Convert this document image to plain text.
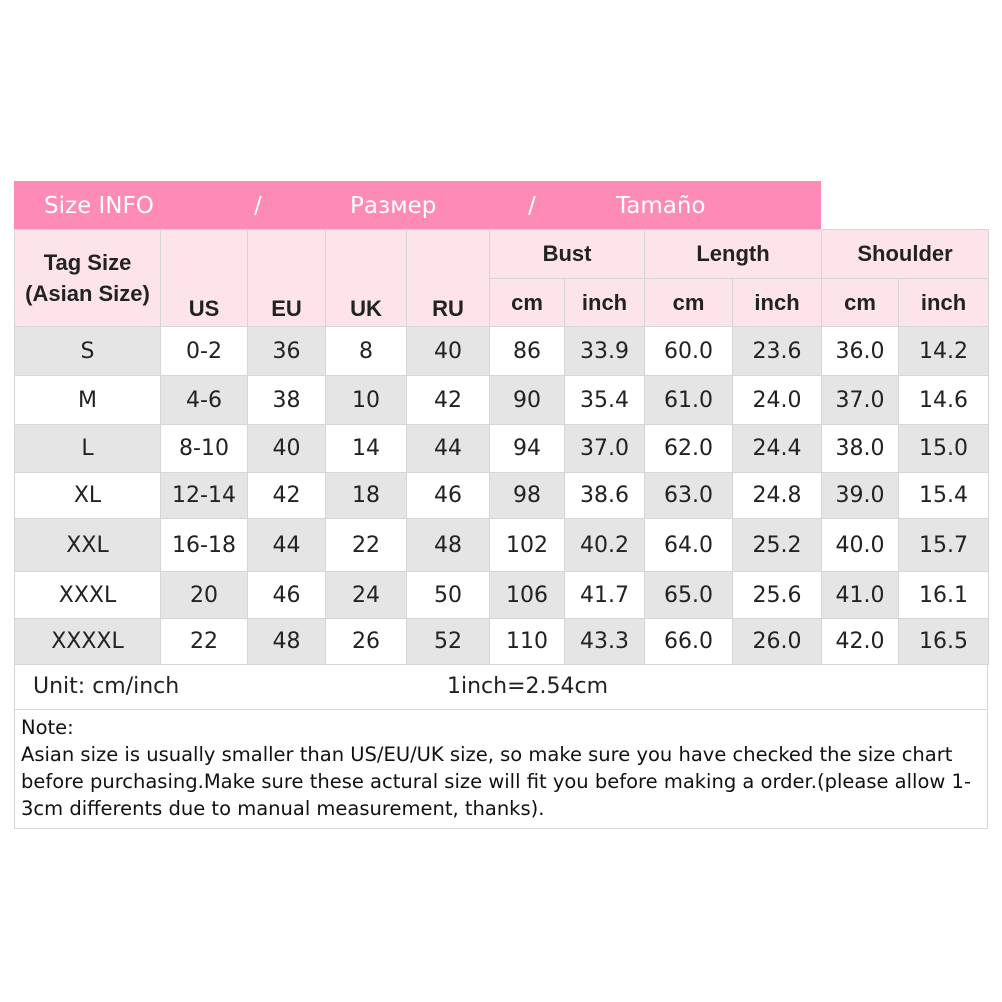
Size INFO	/	Размер	/	Tamaño
Tag Size
(Asian Size)	US	EU	UK	RU	Bust		Length		Shoulder	
					cm	inch	cm	inch	cm	inch
S	0-2	36	8	40	86	33.9	60.0	23.6	36.0	14.2
M	4-6	38	10	42	90	35.4	61.0	24.0	37.0	14.6
L	8-10	40	14	44	94	37.0	62.0	24.4	38.0	15.0
XL	12-14	42	18	46	98	38.6	63.0	24.8	39.0	15.4
XXL	16-18	44	22	48	102	40.2	64.0	25.2	40.0	15.7
XXXL	20	46	24	50	106	41.7	65.0	25.6	41.0	16.1
XXXXL	22	48	26	52	110	43.3	66.0	26.0	42.0	16.5
Unit: cm/inch	1inch=2.54cm

Note:

Asian size is usually smaller than US/EU/UK size, so make sure you have checked the size chart before purchasing.Make sure these actural size will fit you before making a order.(please allow 1-3cm differents due to manual measurement, thanks).
